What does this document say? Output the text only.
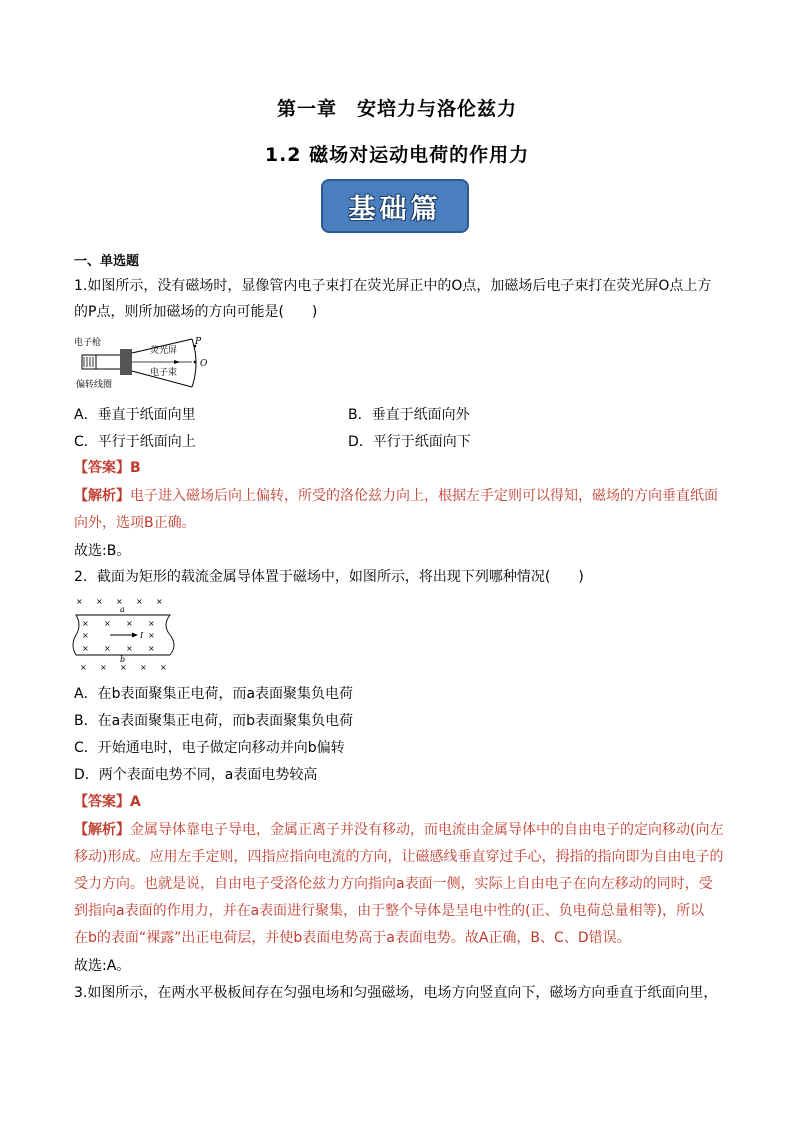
第一章　安培力与洛伦兹力
1.2 磁场对运动电荷的作用力
基础篇
一、单选题
1.如图所示，没有磁场时，显像管内电子束打在荧光屏正中的O点，加磁场后电子束打在荧光屏O点上方
的P点，则所加磁场的方向可能是(　　)
电子枪
偏转线圈
荧光屏
电子束
P
O
A．垂直于纸面向里	B．垂直于纸面向外
C．平行于纸面向上	D．平行于纸面向下
【答案】B
【解析】电子进入磁场后向上偏转，所受的洛伦兹力向上，根据左手定则可以得知，磁场的方向垂直纸面
向外，选项B正确。
故选:B。
2．截面为矩形的载流金属导体置于磁场中，如图所示，将出现下列哪种情况(　　)
× × × × ×
× × × ×
×	×
× × × ×
× × × × ×
a
b
I
A．在b表面聚集正电荷，而a表面聚集负电荷
B．在a表面聚集正电荷，而b表面聚集负电荷
C．开始通电时，电子做定向移动并向b偏转
D．两个表面电势不同，a表面电势较高
【答案】A
【解析】金属导体靠电子导电，金属正离子并没有移动，而电流由金属导体中的自由电子的定向移动(向左
移动)形成。应用左手定则，四指应指向电流的方向，让磁感线垂直穿过手心，拇指的指向即为自由电子的
受力方向。也就是说，自由电子受洛伦兹力方向指向a表面一侧，实际上自由电子在向左移动的同时，受
到指向a表面的作用力，并在a表面进行聚集，由于整个导体是呈电中性的(正、负电荷总量相等)，所以
在b的表面“裸露”出正电荷层，并使b表面电势高于a表面电势。故A正确，B、C、D错误。
故选:A。
3.如图所示，在两水平极板间存在匀强电场和匀强磁场，电场方向竖直向下，磁场方向垂直于纸面向里，
